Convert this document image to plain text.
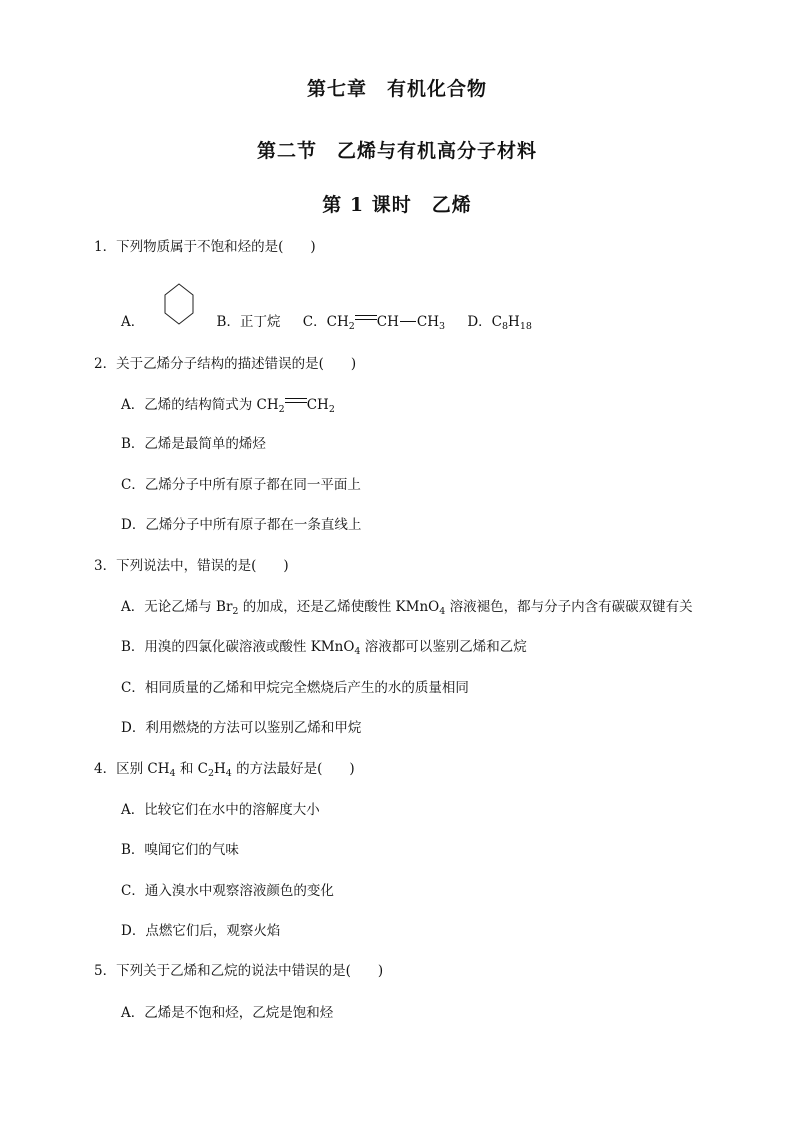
第七章　有机化合物
第二节　乙烯与有机高分子材料
第 1 课时　乙烯
1．下列物质属于不饱和烃的是(　　)
A．	B．正丁烷 C．$CH_2$ CH $CH_3$ D．$C_8H_{18}$
2．关于乙烯分子结构的描述错误的是(　　)
A．乙烯的结构简式为 $CH_2$ $CH_2$
B．乙烯是最简单的烯烃
C．乙烯分子中所有原子都在同一平面上
D．乙烯分子中所有原子都在一条直线上
3．下列说法中，错误的是(　　)
A．无论乙烯与 $Br_2$ 的加成，还是乙烯使酸性 KMnO$_4$ 溶液褪色，都与分子内含有碳碳双键有关
B．用溴的四氯化碳溶液或酸性 KMnO$_4$ 溶液都可以鉴别乙烯和乙烷
C．相同质量的乙烯和甲烷完全燃烧后产生的水的质量相同
D．利用燃烧的方法可以鉴别乙烯和甲烷
4．区别 $CH_4$ 和 $C_2H_4$ 的方法最好是(　　)
A．比较它们在水中的溶解度大小
B．嗅闻它们的气味
C．通入溴水中观察溶液颜色的变化
D．点燃它们后，观察火焰
5．下列关于乙烯和乙烷的说法中错误的是(　　)
A．乙烯是不饱和烃，乙烷是饱和烃
